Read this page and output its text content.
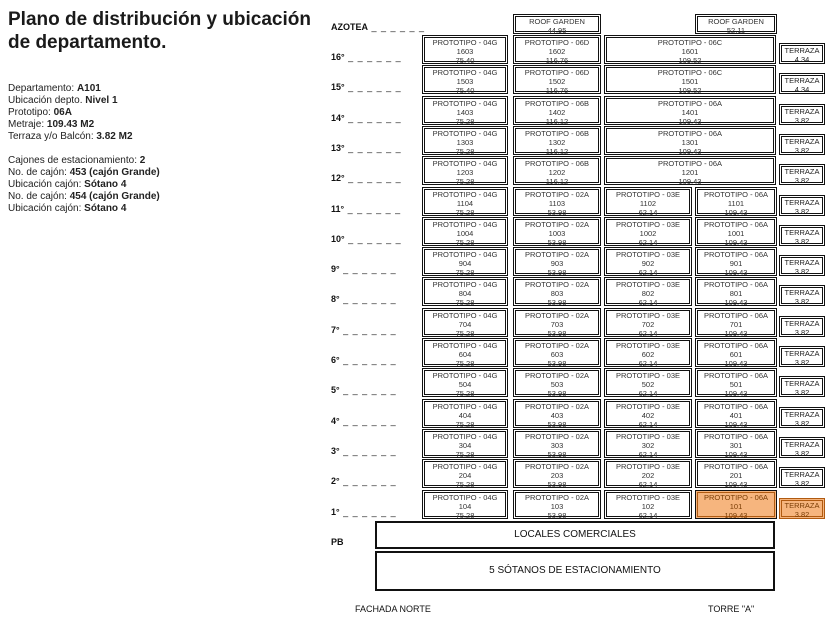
Plano de distribución y ubicación de departamento.
Departamento: A101
Ubicación depto. Nivel 1
Prototipo: 06A
Metraje: 109.43 M2
Terraza y/o Balcón: 3.82 M2
Cajones de estacionamiento: 2
No. de cajón: 453 (cajón Grande)
Ubicación cajón: Sótano 4
No. de cajón: 454 (cajón Grande)
Ubicación cajón: Sótano 4
AZOTEA _ _ _ _ _ _
ROOF GARDEN
44.95
ROOF GARDEN
52.11
16° _ _ _ _ _ _
PROTOTIPO - 04G
1603
75.40
PROTOTIPO - 06D
1602
116.76
PROTOTIPO - 06C
1601
109.52
TERRAZA
4.34
15° _ _ _ _ _ _
PROTOTIPO - 04G
1503
75.40
PROTOTIPO - 06D
1502
116.76
PROTOTIPO - 06C
1501
109.52
TERRAZA
4.34
14° _ _ _ _ _ _
PROTOTIPO - 04G
1403
75.28
PROTOTIPO - 06B
1402
116.12
PROTOTIPO - 06A
1401
109.43
TERRAZA
3.82
13° _ _ _ _ _ _
PROTOTIPO - 04G
1303
75.28
PROTOTIPO - 06B
1302
116.12
PROTOTIPO - 06A
1301
109.43
TERRAZA
3.82
12° _ _ _ _ _ _
PROTOTIPO - 04G
1203
75.28
PROTOTIPO - 06B
1202
116.12
PROTOTIPO - 06A
1201
109.43
TERRAZA
3.82
11° _ _ _ _ _ _
PROTOTIPO - 04G
1104
75.28
PROTOTIPO - 02A
1103
53.98
PROTOTIPO - 03E
1102
62.14
PROTOTIPO - 06A
1101
109.43
TERRAZA
3.82
10° _ _ _ _ _ _
PROTOTIPO - 04G
1004
75.28
PROTOTIPO - 02A
1003
53.98
PROTOTIPO - 03E
1002
62.14
PROTOTIPO - 06A
1001
109.43
TERRAZA
3.82
9° _ _ _ _ _ _
PROTOTIPO - 04G
904
75.28
PROTOTIPO - 02A
903
53.98
PROTOTIPO - 03E
902
62.14
PROTOTIPO - 06A
901
109.43
TERRAZA
3.82
8° _ _ _ _ _ _
PROTOTIPO - 04G
804
75.28
PROTOTIPO - 02A
803
53.98
PROTOTIPO - 03E
802
62.14
PROTOTIPO - 06A
801
109.43
TERRAZA
3.82
7° _ _ _ _ _ _
PROTOTIPO - 04G
704
75.28
PROTOTIPO - 02A
703
53.98
PROTOTIPO - 03E
702
62.14
PROTOTIPO - 06A
701
109.43
TERRAZA
3.82
6° _ _ _ _ _ _
PROTOTIPO - 04G
604
75.28
PROTOTIPO - 02A
603
53.98
PROTOTIPO - 03E
602
62.14
PROTOTIPO - 06A
601
109.43
TERRAZA
3.82
5° _ _ _ _ _ _
PROTOTIPO - 04G
504
75.28
PROTOTIPO - 02A
503
53.98
PROTOTIPO - 03E
502
62.14
PROTOTIPO - 06A
501
109.43
TERRAZA
3.82
4° _ _ _ _ _ _
PROTOTIPO - 04G
404
75.28
PROTOTIPO - 02A
403
53.98
PROTOTIPO - 03E
402
62.14
PROTOTIPO - 06A
401
109.43
TERRAZA
3.82
3° _ _ _ _ _ _
PROTOTIPO - 04G
304
75.28
PROTOTIPO - 02A
303
53.98
PROTOTIPO - 03E
302
62.14
PROTOTIPO - 06A
301
109.43
TERRAZA
3.82
2° _ _ _ _ _ _
PROTOTIPO - 04G
204
75.28
PROTOTIPO - 02A
203
53.98
PROTOTIPO - 03E
202
62.14
PROTOTIPO - 06A
201
109.43
TERRAZA
3.82
1° _ _ _ _ _ _
PROTOTIPO - 04G
104
75.28
PROTOTIPO - 02A
103
53.98
PROTOTIPO - 03E
102
62.14
PROTOTIPO - 06A
101
109.43
TERRAZA
3.82
PB
LOCALES COMERCIALES
5 SÓTANOS DE ESTACIONAMIENTO
FACHADA NORTE	TORRE "A"
